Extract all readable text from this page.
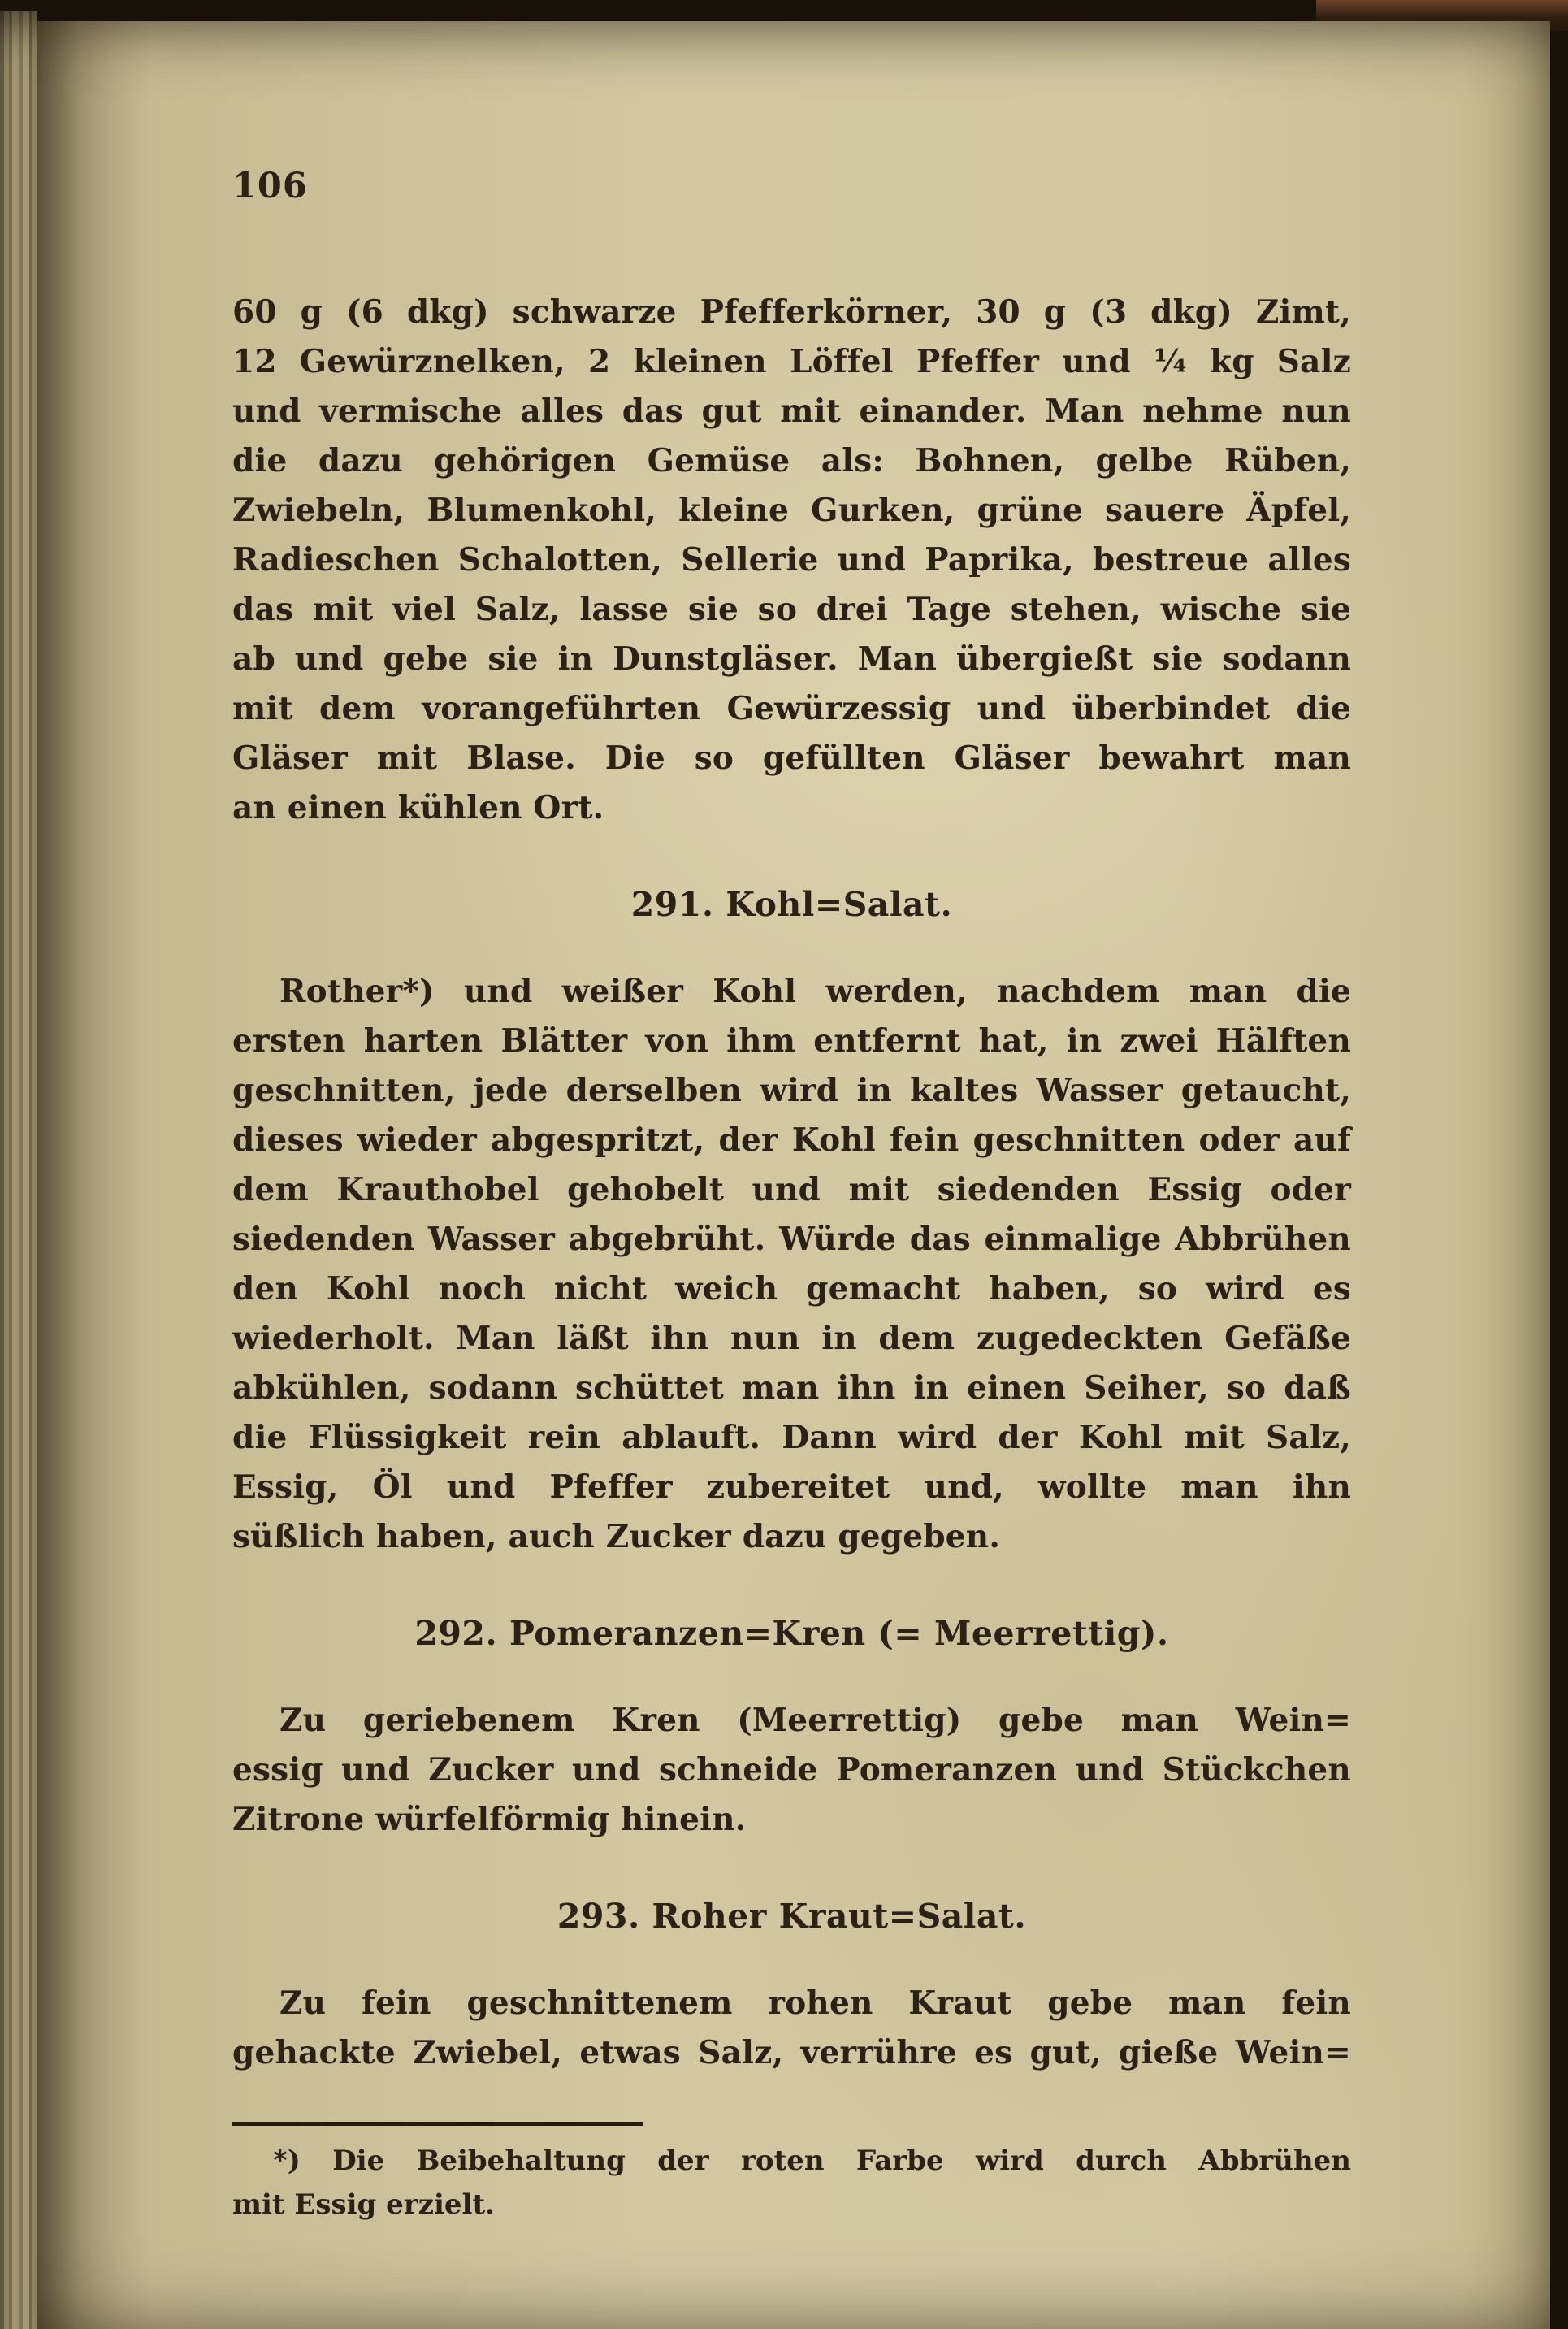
106
60 g (6 dkg) schwarze Pfefferkörner, 30 g (3 dkg) Zimt,
12 Gewürznelken, 2 kleinen Löffel Pfeffer und ¼ kg Salz
und vermische alles das gut mit einander. Man nehme nun
die dazu gehörigen Gemüse als: Bohnen, gelbe Rüben,
Zwiebeln, Blumenkohl, kleine Gurken, grüne sauere Äpfel,
Radieschen Schalotten, Sellerie und Paprika, bestreue alles
das mit viel Salz, lasse sie so drei Tage stehen, wische sie
ab und gebe sie in Dunstgläser. Man übergießt sie sodann
mit dem vorangeführten Gewürzessig und überbindet die
Gläser mit Blase. Die so gefüllten Gläser bewahrt man
an einen kühlen Ort.
291. Kohl=Salat.
Rother*) und weißer Kohl werden, nachdem man die
ersten harten Blätter von ihm entfernt hat, in zwei Hälften
geschnitten, jede derselben wird in kaltes Wasser getaucht,
dieses wieder abgespritzt, der Kohl fein geschnitten oder auf
dem Krauthobel gehobelt und mit siedenden Essig oder
siedenden Wasser abgebrüht. Würde das einmalige Abbrühen
den Kohl noch nicht weich gemacht haben, so wird es
wiederholt. Man läßt ihn nun in dem zugedeckten Gefäße
abkühlen, sodann schüttet man ihn in einen Seiher, so daß
die Flüssigkeit rein ablauft. Dann wird der Kohl mit Salz,
Essig, Öl und Pfeffer zubereitet und, wollte man ihn
süßlich haben, auch Zucker dazu gegeben.
292. Pomeranzen=Kren (= Meerrettig).
Zu geriebenem Kren (Meerrettig) gebe man Wein=
essig und Zucker und schneide Pomeranzen und Stückchen
Zitrone würfelförmig hinein.
293. Roher Kraut=Salat.
Zu fein geschnittenem rohen Kraut gebe man fein
gehackte Zwiebel, etwas Salz, verrühre es gut, gieße Wein=
*) Die Beibehaltung der roten Farbe wird durch Abbrühen
mit Essig erzielt.
